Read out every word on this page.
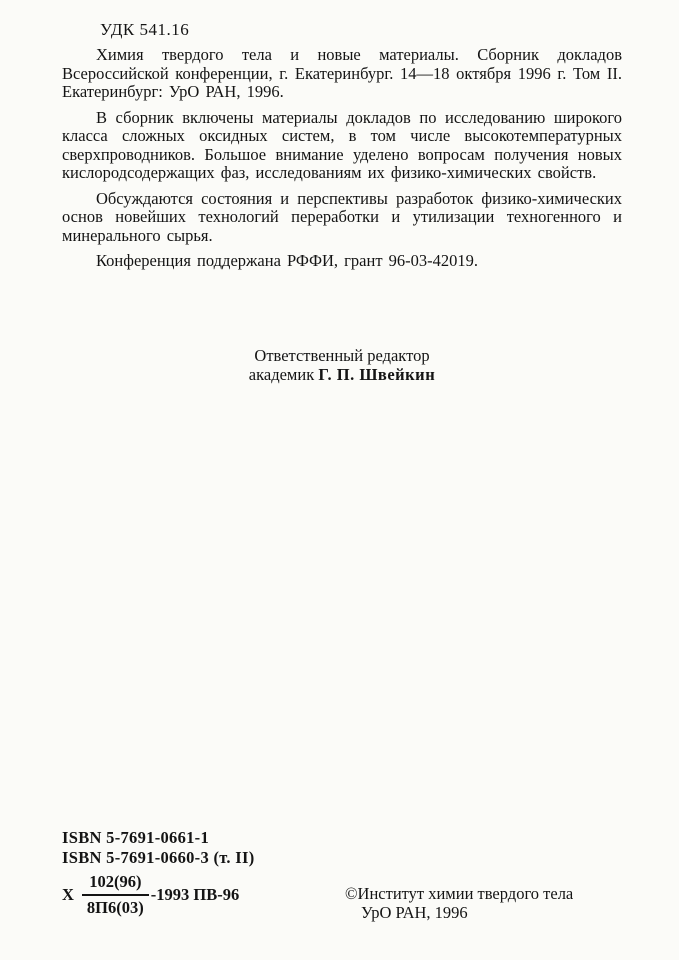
УДК 541.16

Химия твердого тела и новые материалы. Сборник докладов Всероссийской конференции, г. Екатеринбург. 14—18 октября 1996 г. Том II. Екатеринбург: УрО РАН, 1996.

В сборник включены материалы докладов по исследованию широкого класса сложных оксидных систем, в том числе высокотемпературных сверхпроводников. Большое внимание уделено вопросам получения новых кислородсодержащих фаз, исследованиям их физико-химических свойств.

Обсуждаются состояния и перспективы разработок физико-химических основ новейших технологий переработки и утилизации техногенного и минерального сырья.

Конференция поддержана РФФИ, грант 96-03-42019.

Ответственный редактор
академик Г. П. Швейкин
ISBN 5-7691-0661-1
ISBN 5-7691-0660-3 (т. II)
Х $\frac{102(96)}{8П6(03)} -1993$ ПВ-96	©Институт химии твердого тела
УрО РАН, 1996
